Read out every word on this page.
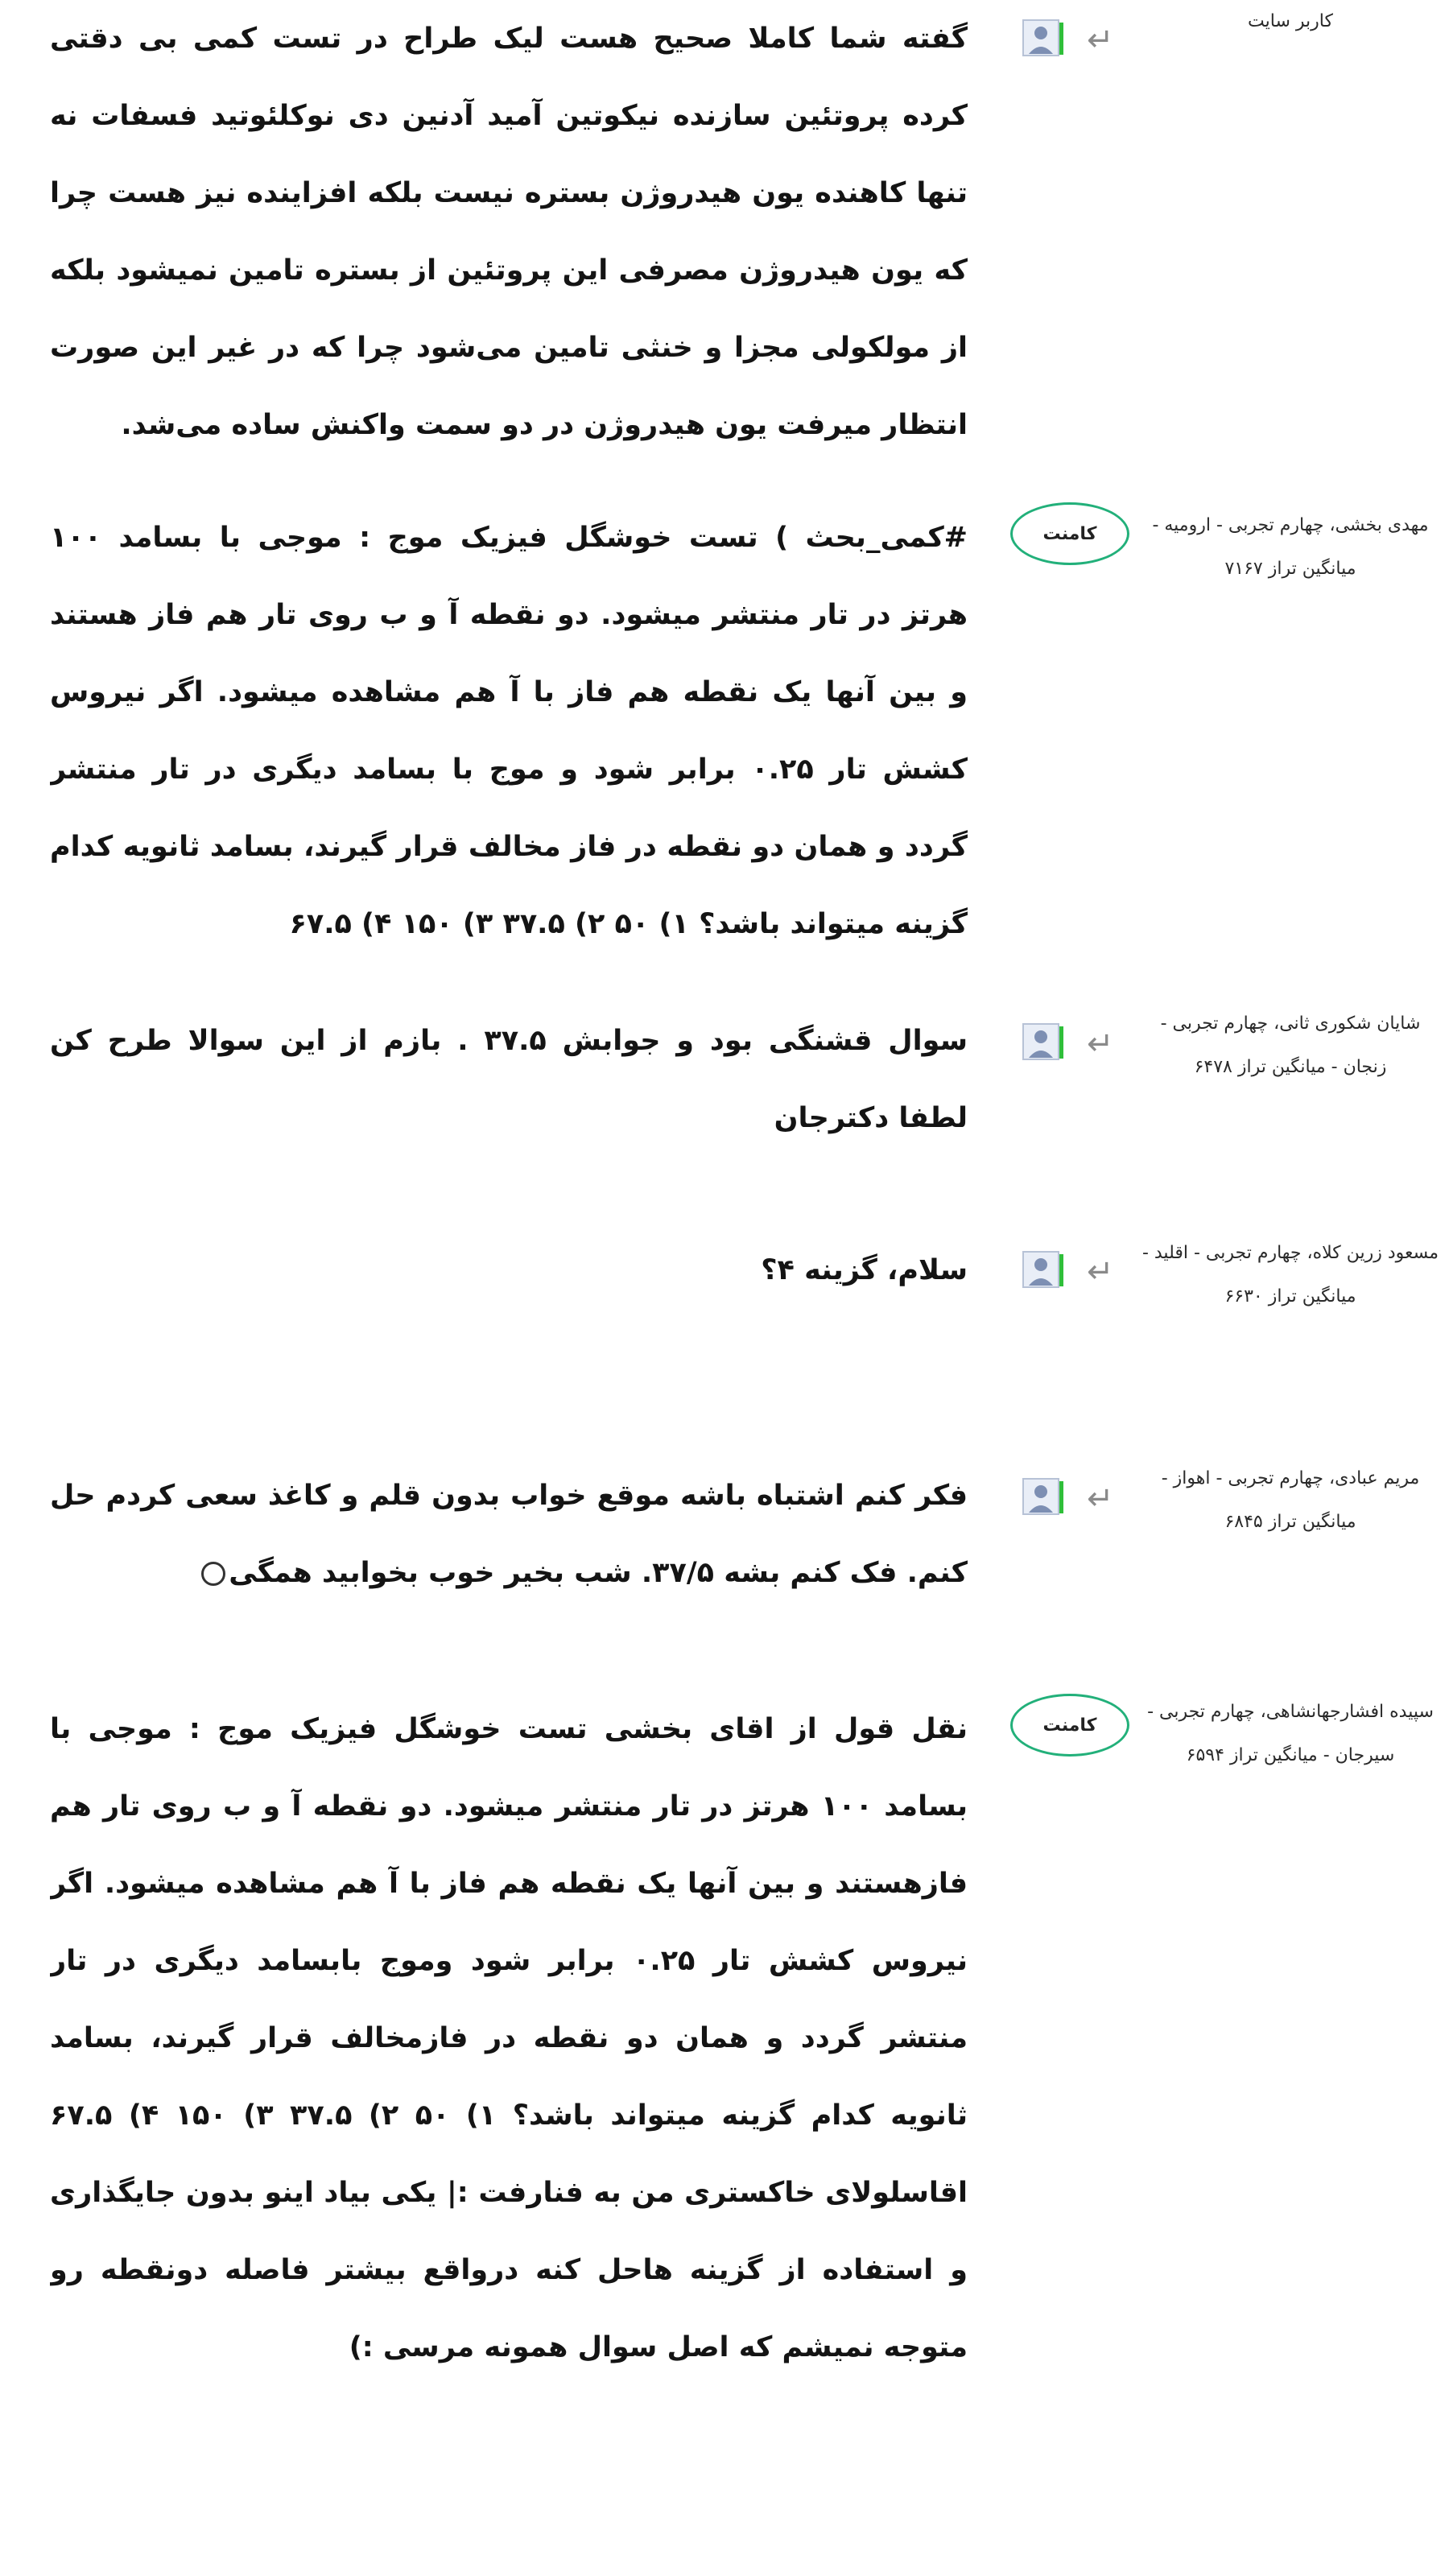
کاربر سایت
↵
گفته شما کاملا صحیح هست لیک طراح در تست کمی بی دقتی کرده پروتئین سازنده نیکوتین آمید آدنین دی نوکلئوتید فسفات نه تنها کاهنده یون هیدروژن بستره نیست بلکه افزاینده نیز هست چرا که یون هیدروژن مصرفی این پروتئین از بستره تامین نمیشود بلکه از مولکولی مجزا و خنثی تامین می‌شود چرا که در غیر این صورت انتظار میرفت یون هیدروژن در دو سمت واکنش ساده می‌شد.
مهدی بخشی، چهارم تجربی - ارومیه - میانگین تراز ۷۱۶۷
کامنت
#کمی_بحث ) تست خوشگل فیزیک موج : موجی با بسامد ۱۰۰ هرتز در تار منتشر میشود. دو نقطه آ و ب روی تار هم فاز هستند و بین آنها یک نقطه هم فاز با آ هم مشاهده میشود. اگر نیروس کشش تار ۰.۲۵ برابر شود و موج با بسامد دیگری در تار منتشر گردد و همان دو نقطه در فاز مخالف قرار گیرند، بسامد ثانویه کدام گزینه میتواند باشد؟ ۱) ۵۰ ۲) ۳۷.۵ ۳) ۱۵۰ ۴) ۶۷.۵
شایان شکوری ثانی، چهارم تجربی - زنجان - میانگین تراز ۶۴۷۸
↵
سوال قشنگی بود و جوابش ۳۷.۵ . بازم از این سوالا طرح کن لطفا دکترجان
مسعود زرین کلاه، چهارم تجربی - اقلید - میانگین تراز ۶۶۳۰
↵
سلام، گزینه ۴؟
مریم عبادی، چهارم تجربی - اهواز - میانگین تراز ۶۸۴۵
↵
فکر کنم اشتباه باشه موقع خواب بدون قلم و کاغذ سعی کردم حل کنم. فک کنم بشه ۳۷/۵. شب بخیر خوب بخوابید همگی
سپیده افشارجهانشاهی، چهارم تجربی - سیرجان - میانگین تراز ۶۵۹۴
کامنت
نقل قول از اقای بخشی تست خوشگل فیزیک موج : موجی با بسامد ۱۰۰ هرتز در تار منتشر میشود. دو نقطه آ و ب روی تار هم فازهستند و بین آنها یک نقطه هم فاز با آ هم مشاهده میشود. اگر نیروس کشش تار ۰.۲۵ برابر شود وموج بابسامد دیگری در تار منتشر گردد و همان دو نقطه در فازمخالف قرار گیرند، بسامد ثانویه کدام گزینه میتواند باشد؟ ۱) ۵۰ ۲) ۳۷.۵ ۳) ۱۵۰ ۴) ۶۷.۵ اقاسلولای خاکستری من به فنارفت :| یکی بیاد اینو بدون جایگذاری و استفاده از گزینه هاحل کنه درواقع بیشتر فاصله دونقطه رو متوجه نمیشم که اصل سوال همونه مرسی :)
